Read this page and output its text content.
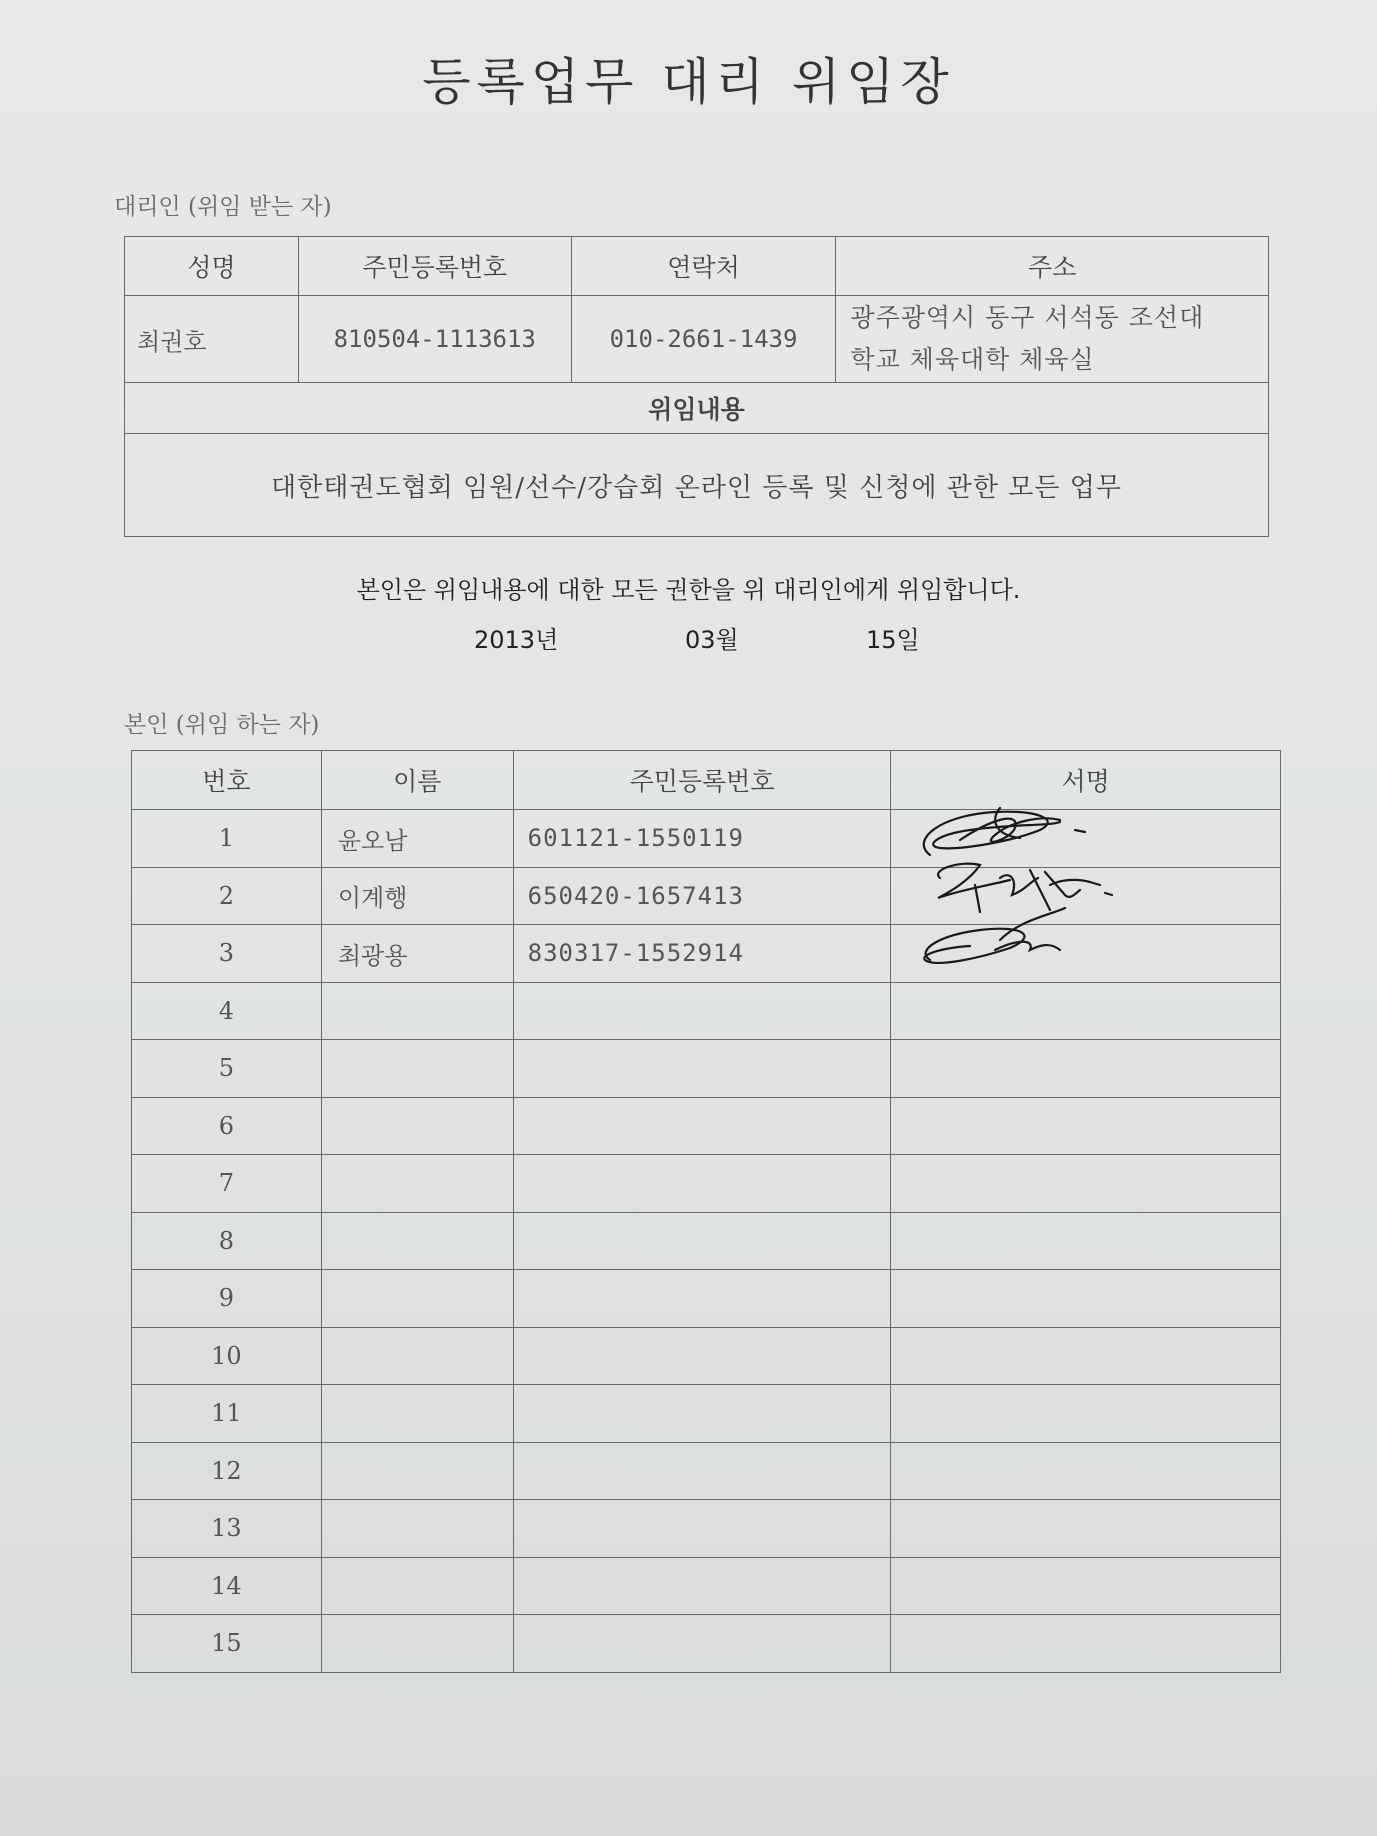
등록업무 대리 위임장
대리인 (위임 받는 자)
성명	주민등록번호	연락처	주소
최권호	810504-1113613	010-2661-1439	광주광역시 동구 서석동 조선대
학교 체육대학 체육실

위임내용			
대한태권도협회 임원/선수/강습회 온라인 등록 및 신청에 관한 모든 업무			
본인은 위임내용에 대한 모든 권한을 위 대리인에게 위임합니다.
2013년	03월	15일
본인 (위임 하는 자)
번호	이름	주민등록번호	서명
1	윤오남	601121-1550119	
2	이계행	650420-1657413	
3	최광용	830317-1552914	
4			
5			
6			
7			
8			
9			
10			
11			
12			
13			
14			
15			
